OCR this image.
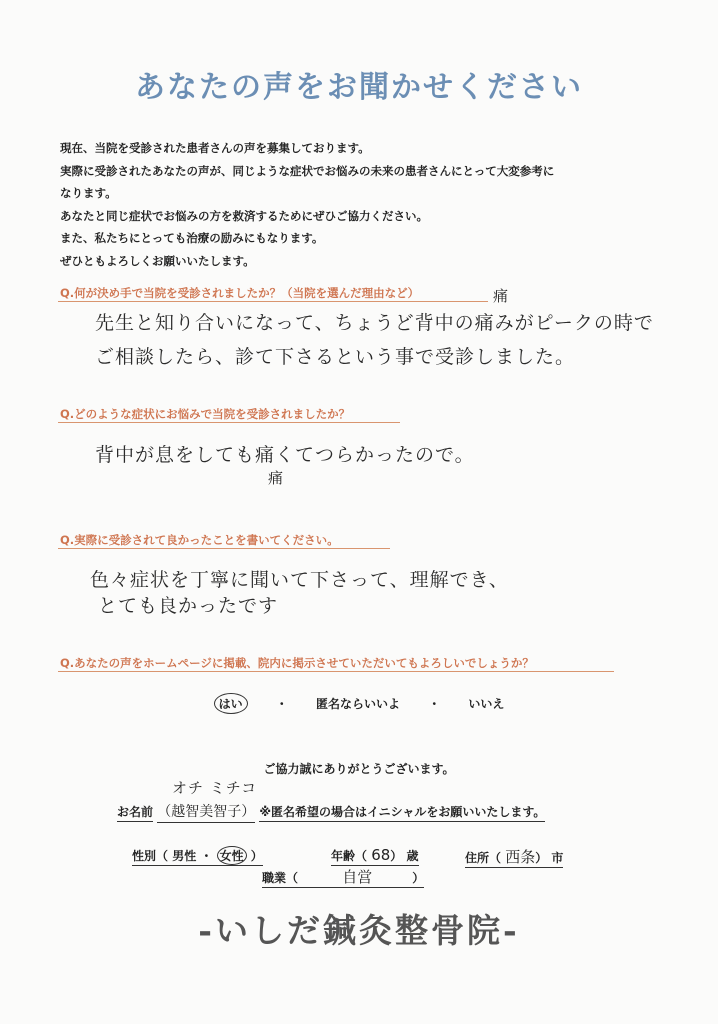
あなたの声をお聞かせください
現在、当院を受診された患者さんの声を募集しております。
実際に受診されたあなたの声が、同じような症状でお悩みの未来の患者さんにとって大変参考に
なります。
あなたと同じ症状でお悩みの方を救済するためにぜひご協力ください。
また、私たちにとっても治療の励みにもなります。
ぜひともよろしくお願いいたします。
Q.何が決め手で当院を受診されましたか？（当院を選んだ理由など）	痛
先生と知り合いになって、ちょうど背中の痛みがピークの時で
ご相談したら、診て下さるという事で受診しました。
Q.どのような症状にお悩みで当院を受診されましたか？
背中が息をしても痛くてつらかったので。
痛
Q.実際に受診されて良かったことを書いてください。
色々症状を丁寧に聞いて下さって、理解でき、
とても良かったです
Q.あなたの声をホームページに掲載、院内に掲示させていただいてもよろしいでしょうか？
はい	・ 匿名ならいいよ ・ いいえ
ご協力誠にありがとうございます。
オチ ミチコ
お名前 （越智美智子） ※匿名希望の場合はイニシャルをお願いいたします。
性別（ 男性 ・ 女性 ）	年齢（ 68） 歳	住所（ 西条） 市
職業（	自営	）
-いしだ鍼灸整骨院-
